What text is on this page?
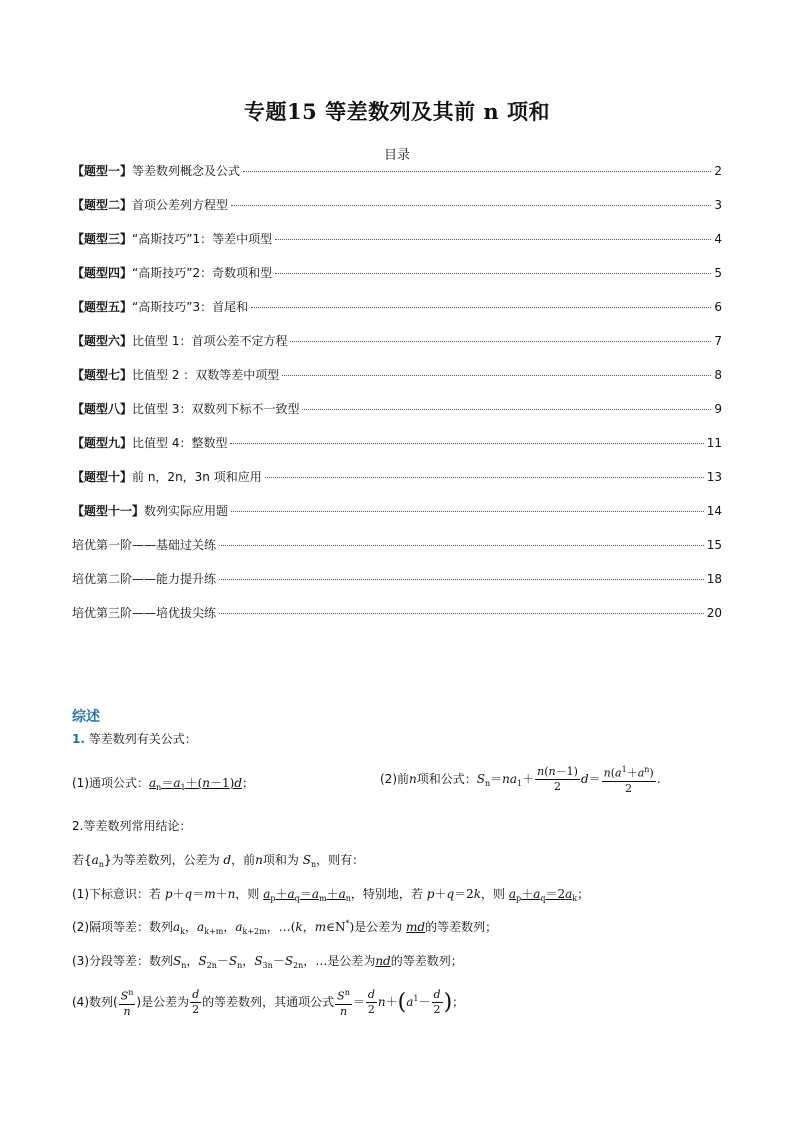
专题15 等差数列及其前 n 项和
目录
【题型一】等差数列概念及公式	2
【题型二】首项公差列方程型	3
【题型三】“高斯技巧”1：等差中项型	4
【题型四】“高斯技巧”2：奇数项和型	5
【题型五】“高斯技巧”3：首尾和	6
【题型六】比值型 1：首项公差不定方程	7
【题型七】比值型 2 ：双数等差中项型	8
【题型八】比值型 3：双数列下标不一致型	9
【题型九】比值型 4：整数型	11
【题型十】前 n，2n，3n 项和应用	13
【题型十一】数列实际应用题	14
培优第一阶——基础过关练	15
培优第二阶——能力提升练	18
培优第三阶——培优拔尖练	20
综述
1. 等差数列有关公式：
(1)通项公式：$a_n=a_1+(n-1)d$；	(2)前n项和公式：$S_n=na_1+ \frac{n(n-1)}{2} d= \frac{n(a^1+a^n)}{2}$ .
2.等差数列常用结论：
若$\{a_n\}$为等差数列，公差为 d，前n项和为 $S_n$，则有：
(1)下标意识：若 p＋q＝m＋n，则 $a_p+a_q=a_m+a_n$，特别地，若 p＋q＝2k，则 $a_p+a_q=2a_k$；
(2)隔项等差：数列$a_k$，$a_{k+m}$，$a_{k+2m}$，…(k，m∈N*)是公差为 md的等差数列；
(3)分段等差：数列$S_n$，$S_{2n}-S_n$，$S_{3n}-S_{2n}$，…是公差为nd的等差数列；
(4)数列( $\frac{S^n}{n}$ )是公差为 $\frac{d}{2}$ 的等差数列，其通项公式 $\frac{S^n}{n} = \frac{d}{2} n+(a^1- \frac{d}{2}$ )；
